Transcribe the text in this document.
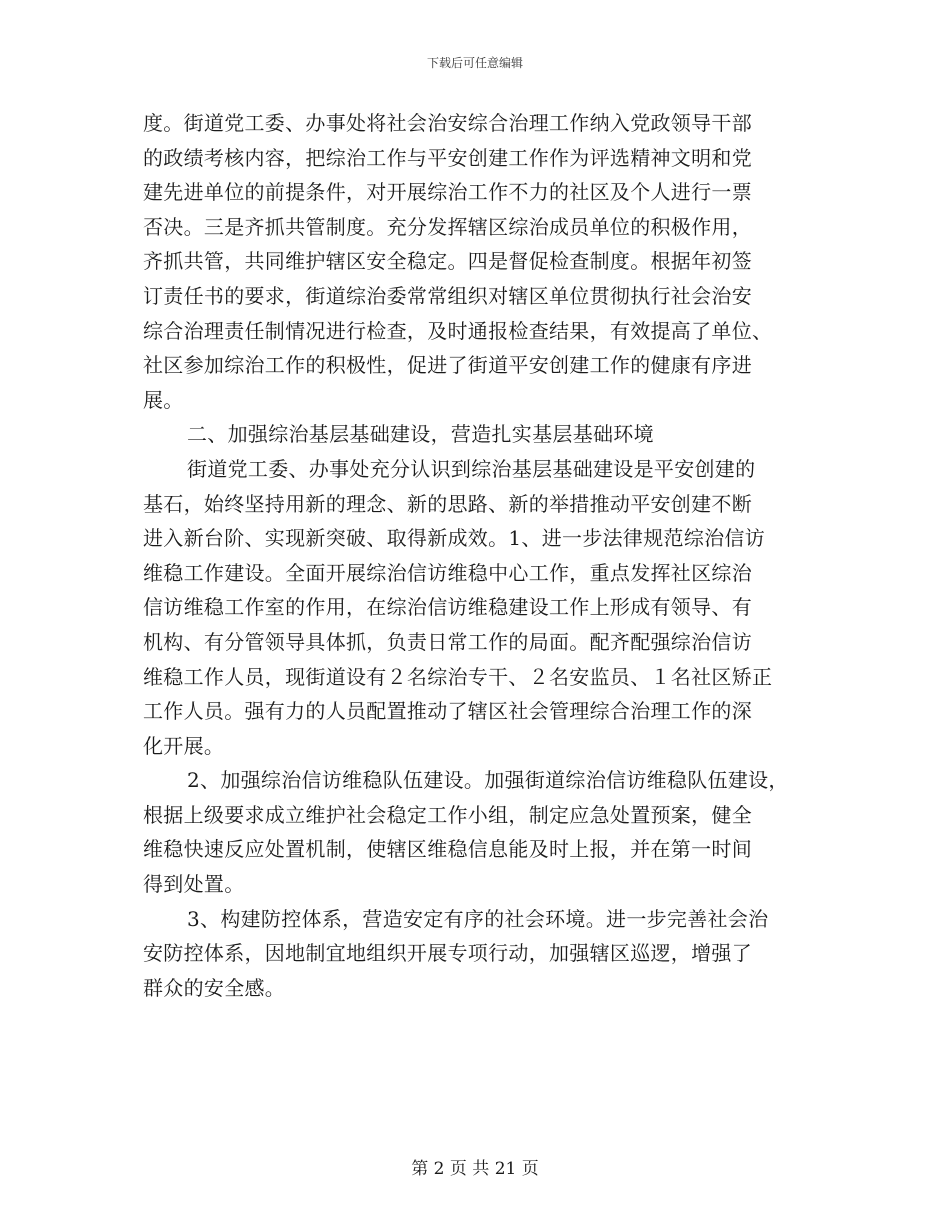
下载后可任意编辑
度。街道党工委、办事处将社会治安综合治理工作纳入党政领导干部
的政绩考核内容，把综治工作与平安创建工作作为评选精神文明和党
建先进单位的前提条件，对开展综治工作不力的社区及个人进行一票
否决。三是齐抓共管制度。充分发挥辖区综治成员单位的积极作用，
齐抓共管，共同维护辖区安全稳定。四是督促检查制度。根据年初签
订责任书的要求，街道综治委常常组织对辖区单位贯彻执行社会治安
综合治理责任制情况进行检查，及时通报检查结果，有效提高了单位、
社区参加综治工作的积极性，促进了街道平安创建工作的健康有序进
展。
二、加强综治基层基础建设，营造扎实基层基础环境
街道党工委、办事处充分认识到综治基层基础建设是平安创建的
基石，始终坚持用新的理念、新的思路、新的举措推动平安创建不断
进入新台阶、实现新突破、取得新成效。1、进一步法律规范综治信访
维稳工作建设。全面开展综治信访维稳中心工作，重点发挥社区综治
信访维稳工作室的作用，在综治信访维稳建设工作上形成有领导、有
机构、有分管领导具体抓，负责日常工作的局面。配齐配强综治信访
维稳工作人员，现街道设有２名综治专干、２名安监员、１名社区矫正
工作人员。强有力的人员配置推动了辖区社会管理综合治理工作的深
化开展。
2、加强综治信访维稳队伍建设。加强街道综治信访维稳队伍建设，
根据上级要求成立维护社会稳定工作小组，制定应急处置预案，健全
维稳快速反应处置机制，使辖区维稳信息能及时上报，并在第一时间
得到处置。
3、构建防控体系，营造安定有序的社会环境。进一步完善社会治
安防控体系，因地制宜地组织开展专项行动，加强辖区巡逻，增强了
群众的安全感。
第 2 页 共 21 页
